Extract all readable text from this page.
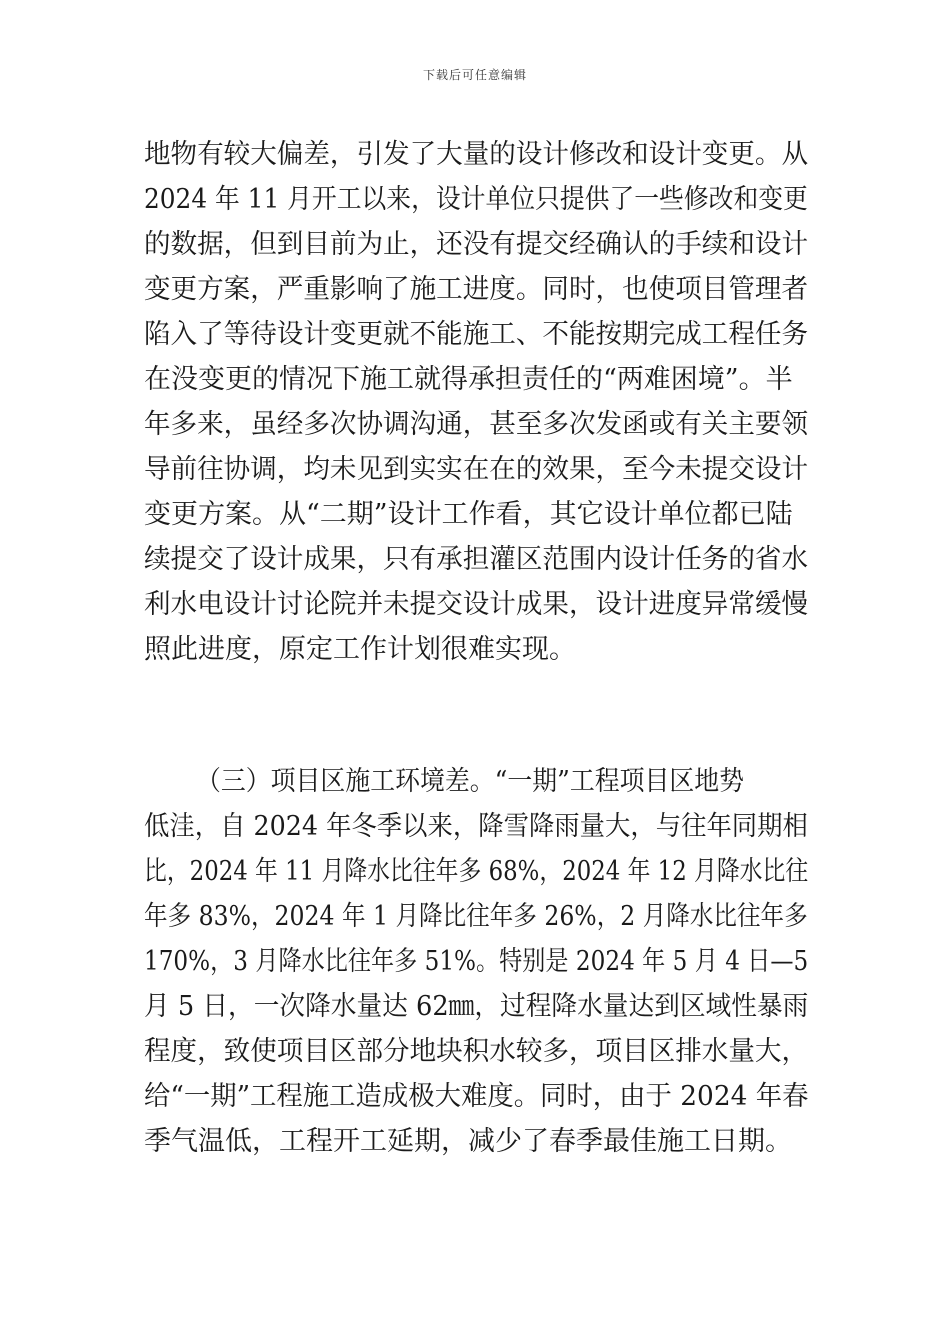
下载后可任意编辑
地物有较大偏差，引发了大量的设计修改和设计变更。从
2024 年 11 月开工以来，设计单位只提供了一些修改和变更
的数据，但到目前为止，还没有提交经确认的手续和设计
变更方案，严重影响了施工进度。同时，也使项目管理者
陷入了等待设计变更就不能施工、不能按期完成工程任务
在没变更的情况下施工就得承担责任的“两难困境”。半
年多来，虽经多次协调沟通，甚至多次发函或有关主要领
导前往协调，均未见到实实在在的效果，至今未提交设计
变更方案。从“二期”设计工作看，其它设计单位都已陆
续提交了设计成果，只有承担灌区范围内设计任务的省水
利水电设计讨论院并未提交设计成果，设计进度异常缓慢
照此进度，原定工作计划很难实现。
（三）项目区施工环境差。“一期”工程项目区地势
低洼，自 2024 年冬季以来，降雪降雨量大，与往年同期相
比，2024 年 11 月降水比往年多 68%，2024 年 12 月降水比往
年多 83%，2024 年 1 月降比往年多 26%，2 月降水比往年多
170%，3 月降水比往年多 51%。特别是 2024 年 5 月 4 日—5
月 5 日，一次降水量达 62㎜，过程降水量达到区域性暴雨
程度，致使项目区部分地块积水较多，项目区排水量大，
给“一期”工程施工造成极大难度。同时，由于 2024 年春
季气温低，工程开工延期，减少了春季最佳施工日期。
